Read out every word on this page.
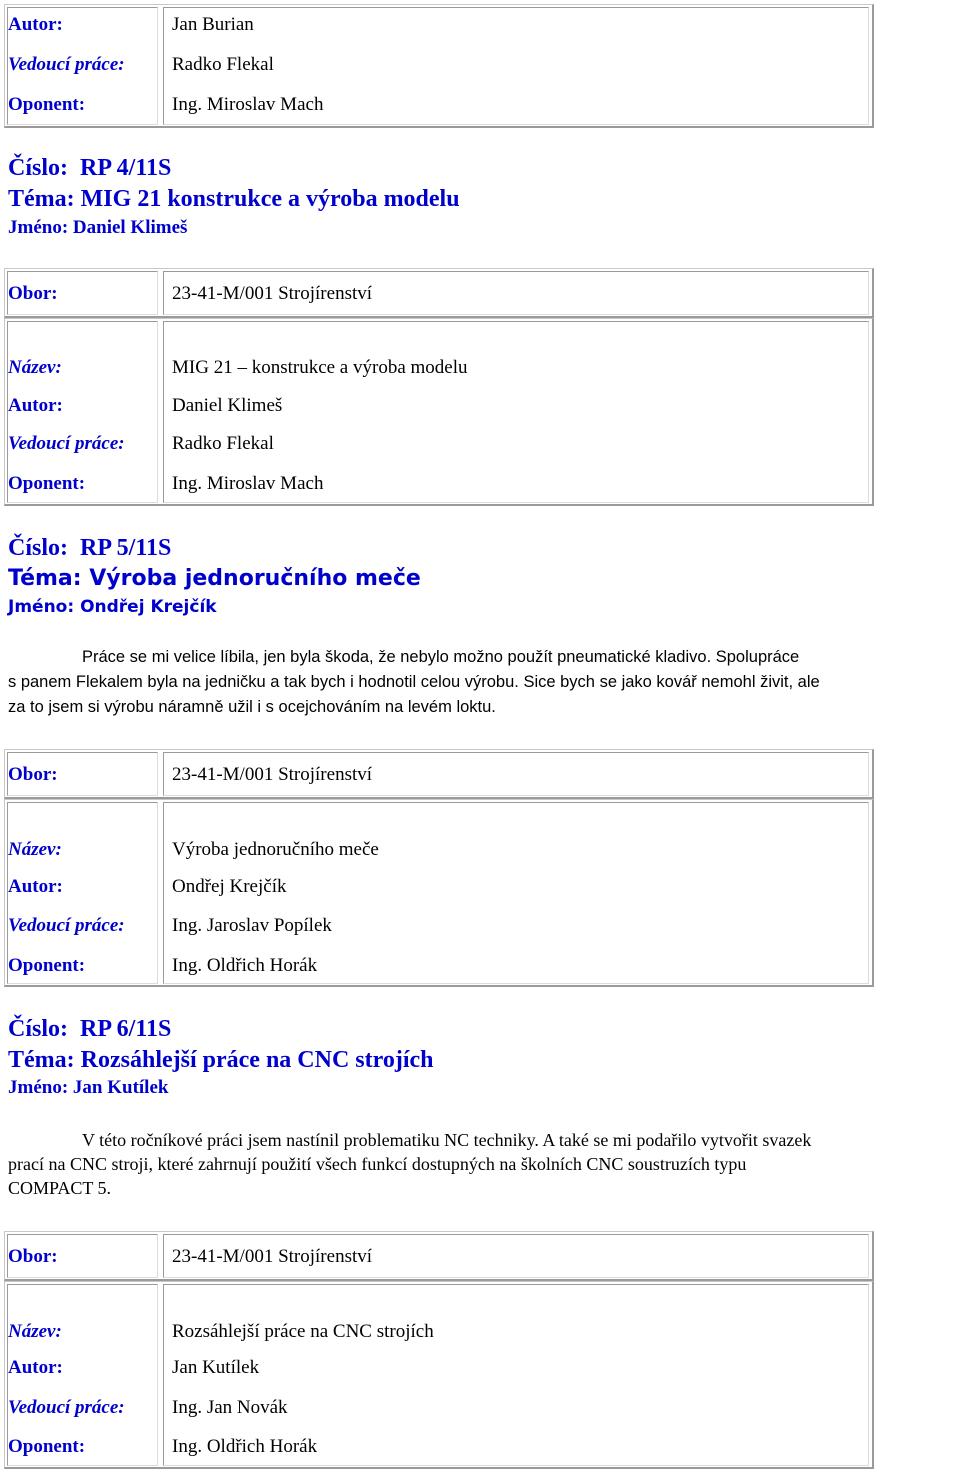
Autor:	Jan Burian
Vedoucí práce: Radko Flekal
Oponent:	Ing. Miroslav Mach
Číslo: RP 4/11S
Téma: MIG 21 konstrukce a výroba modelu
Jméno: Daniel Klimeš
Obor:	23-41-M/001 Strojírenství
Název:	MIG 21 – konstrukce a výroba modelu
Autor:	Daniel Klimeš
Vedoucí práce: Radko Flekal
Oponent:	Ing. Miroslav Mach
Číslo: RP 5/11S
Téma: Výroba jednoručního meče
Jméno: Ondřej Krejčík
Práce se mi velice líbila, jen byla škoda, že nebylo možno použít pneumatické kladivo. Spolupráce
s panem Flekalem byla na jedničku a tak bych i hodnotil celou výrobu. Sice bych se jako kovář nemohl živit, ale
za to jsem si výrobu náramně užil i s ocejchováním na levém loktu.
Obor:	23-41-M/001 Strojírenství
Název:	Výroba jednoručního meče
Autor:	Ondřej Krejčík
Vedoucí práce: Ing. Jaroslav Popílek
Oponent:	Ing. Oldřich Horák
Číslo: RP 6/11S
Téma: Rozsáhlejší práce na CNC strojích
Jméno: Jan Kutílek
V této ročníkové práci jsem nastínil problematiku NC techniky. A také se mi podařilo vytvořit svazek
prací na CNC stroji, které zahrnují použití všech funkcí dostupných na školních CNC soustruzích typu
COMPACT 5.
Obor:	23-41-M/001 Strojírenství
Název:	Rozsáhlejší práce na CNC strojích
Autor:	Jan Kutílek
Vedoucí práce: Ing. Jan Novák
Oponent:	Ing. Oldřich Horák
